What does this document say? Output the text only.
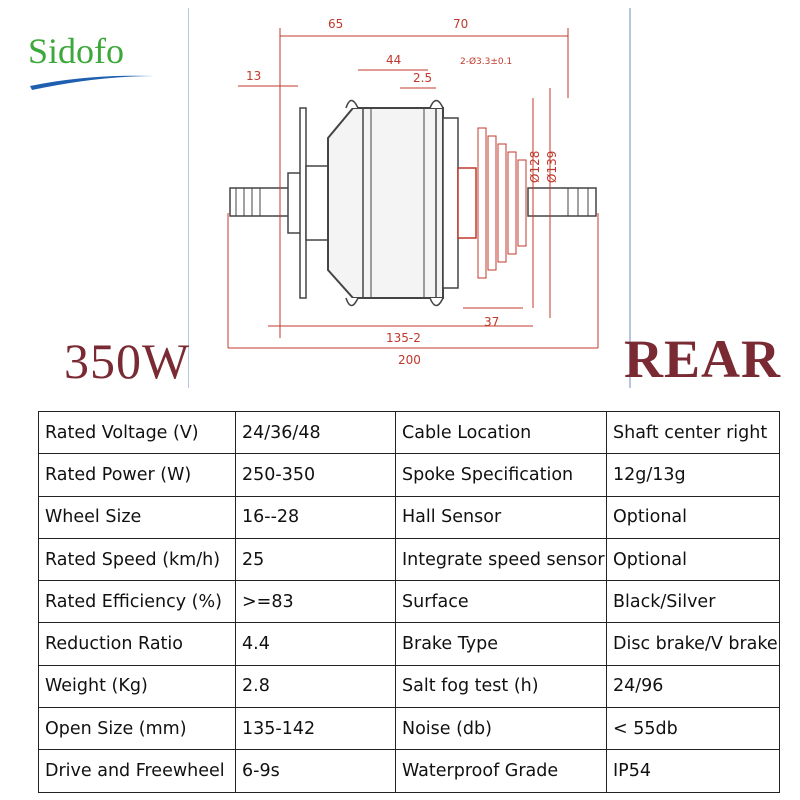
Sidofo
65	70
44
2.5
2-Ø3.3±0.1
13
Ø128 Ø139
37
135-2
200
350W	REAR
Rated Voltage (V)	24/36/48	Cable Location	Shaft center right
Rated Power (W)	250-350	Spoke Specification	12g/13g
Wheel Size	16--28	Hall Sensor	Optional
Rated Speed (km/h)	25	Integrate speed sensor	Optional
Rated Efficiency (%)	>=83	Surface	Black/Silver
Reduction Ratio	4.4	Brake Type	Disc brake/V brake
Weight (Kg)	2.8	Salt fog test (h)	24/96
Open Size (mm)	135-142	Noise (db)	< 55db
Drive and Freewheel	6-9s	Waterproof Grade	IP54
